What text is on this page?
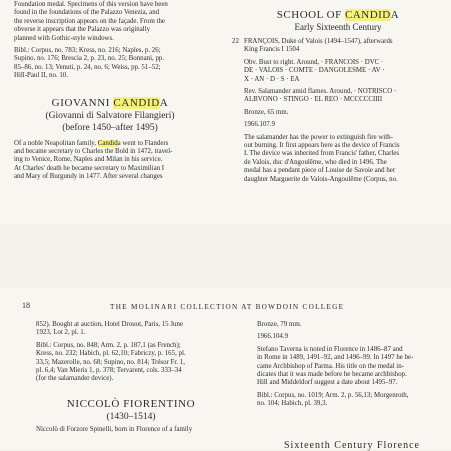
Foundation medal. Specimens of this version have been

found in the foundations of the Palazzo Venezia, and

the reverse inscription appears on the façade. From the

obverse it appears that the Palazzo was originally

planned with Gothic-style windows.

Bibl.: Corpus, no. 783; Kress, no. 216; Naples, p. 26;

Supino, no. 176; Brescia 2, p. 23, no. 25; Bonnani, pp.

85–86, no. 13; Venuti, p. 24, no. 6; Weiss, pp. 51–52;

Hill-Paul II, no. 10.

GIOVANNI CANDIDA
(Giovanni di Salvatore Filangieri)
(before 1450–after 1495)

Of a noble Neapolitan family, Candida went to Flanders

and became secretary to Charles the Bold in 1472, travel-

ing to Venice, Rome, Naples and Milan in his service.

At Charles' death he became secretary to Maximilian I

and Mary of Burgundy in 1477. After several changes

SCHOOL OF CANDIDA
Early Sixteenth Century
22 FRANÇOIS, Duke of Valois (1494–1547), afterwards

King Francis I 1504

Obv. Bust to right. Around, · FRANCOIS · DVC ·

DE · VALOIS · COMTE · DANGOLESME · AV ·

X · AN · D · S · EA

Rev. Salamander amid flames. Around, · NOTRISCO ·

ALBVONO · STINGO · EL REO · MCCCCCIIII

Bronze, 65 mm.

1966.107.9

The salamander has the power to extinguish fire with-

out burning. It first appears here as the device of Francis

I. The device was inherited from Francis' father, Charles

de Valois, duc d'Angoulême, who died in 1496. The

medal has a pendant piece of Louise de Savoie and her

daughter Marguerite de Valois-Angoulême (Corpus, no.

18	THE MOLINARI COLLECTION AT BOWDOIN COLLEGE

852). Bought at auction, Hotel Drouot, Paris, 15 June

1923, Lot 2, pl. 1.

Bibl.: Corpus, no. 848; Arm. 2, p. 187,1 (as French);

Kress, no. 232; Habich, pl. 62,10; Fabriczy, p. 165, pl.

33,5; Mazerolle, no. 68; Supino, no. 814; Trésor Fr. 1,

pl. 6,4; Van Mieris 1, p. 378; Tervarent, cols. 333–34

(for the salamander device).

NICCOLÒ FIORENTINO
(1430–1514)

Niccolò di Forzore Spinelli, born in Florence of a family

Bronze, 79 mm.

1966.104.9

Stefano Taverna is noted in Florence in 1486–87 and

in Rome in 1489, 1491–92, and 1496–99. In 1497 he be-

came Archbishop of Parma. His title on the medal in-

dicates that it was made before he became archbishop.

Hill and Middeldorf suggest a date about 1495–97.

Bibl.: Corpus, no. 1019; Arm. 2, p. 56,13; Morgenroth,

no. 104; Habich, pl. 39,3.

Sixteenth Century Florence
